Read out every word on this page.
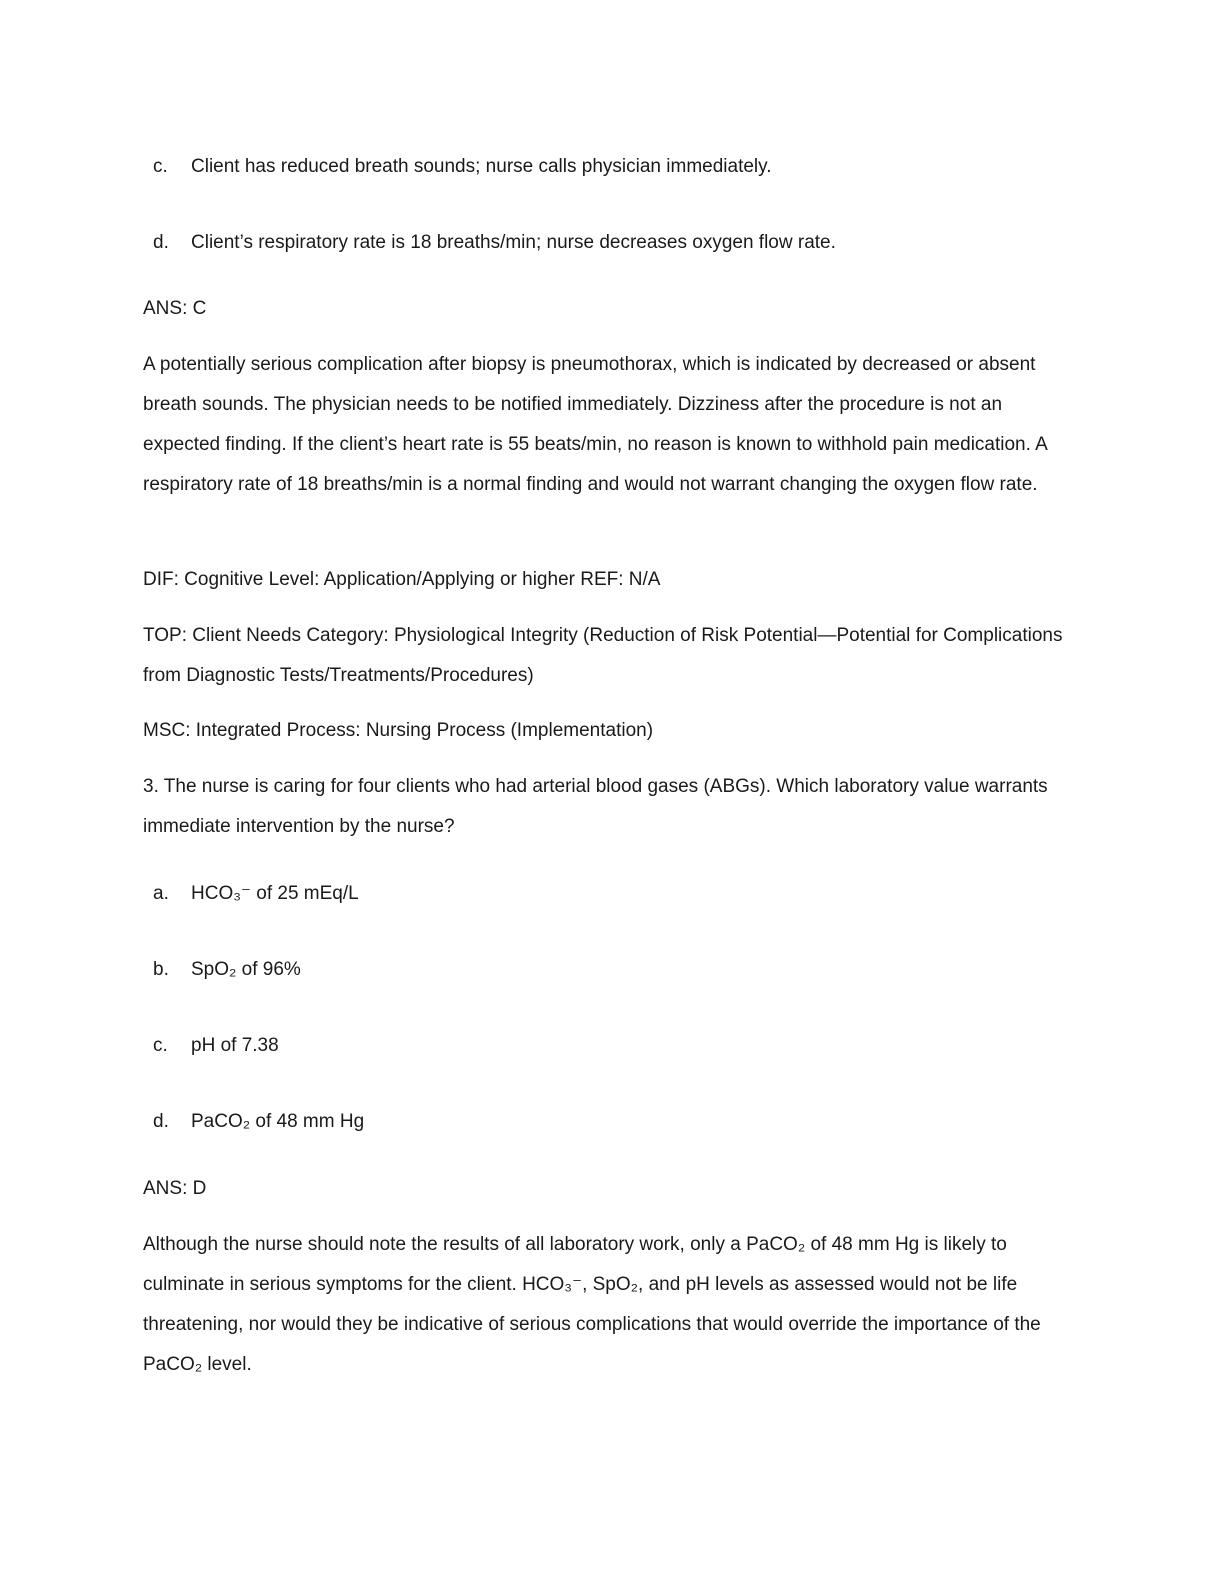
c. Client has reduced breath sounds; nurse calls physician immediately.
d. Client’s respiratory rate is 18 breaths/min; nurse decreases oxygen flow rate.
ANS: C

A potentially serious complication after biopsy is pneumothorax, which is indicated by decreased or absent breath sounds. The physician needs to be notified immediately. Dizziness after the procedure is not an expected finding. If the client’s heart rate is 55 beats/min, no reason is known to withhold pain medication. A respiratory rate of 18 breaths/min is a normal finding and would not warrant changing the oxygen flow rate.

DIF: Cognitive Level: Application/Applying or higher REF: N/A

TOP: Client Needs Category: Physiological Integrity (Reduction of Risk Potential—Potential for Complications from Diagnostic Tests/Treatments/Procedures)

MSC: Integrated Process: Nursing Process (Implementation)

3. The nurse is caring for four clients who had arterial blood gases (ABGs). Which laboratory value warrants immediate intervention by the nurse?

a. HCO₃⁻ of 25 mEq/L
b. SpO₂ of 96%
c. pH of 7.38
d. PaCO₂ of 48 mm Hg
ANS: D

Although the nurse should note the results of all laboratory work, only a PaCO₂ of 48 mm Hg is likely to culminate in serious symptoms for the client. HCO₃⁻, SpO₂, and pH levels as assessed would not be life threatening, nor would they be indicative of serious complications that would override the importance of the PaCO₂ level.
